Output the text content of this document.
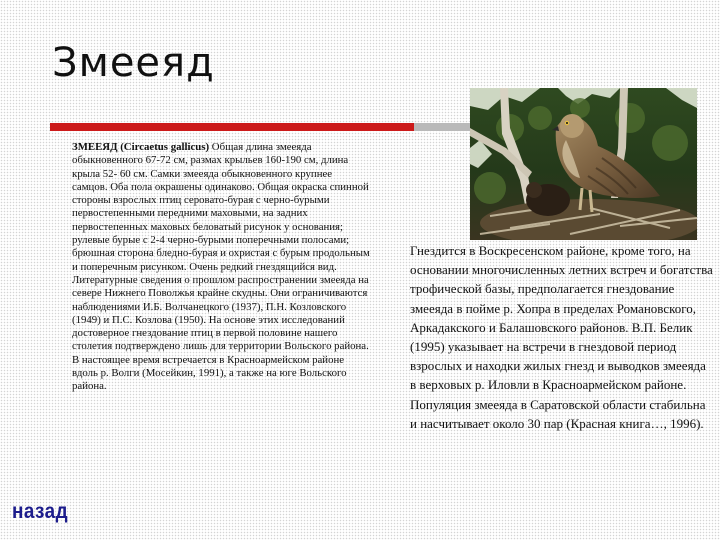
Змееяд
ЗМЕЕЯД (Circaetus gallicus) Общая длина змееяда обыкновенного 67-72 см, размах крыльев 160-190 см, длина крыла 52- 60 см. Самки змееяда обыкновенного крупнее самцов. Оба пола окрашены одинаково. Общая окраска спинной стороны взрослых птиц серовато-бурая с черно-бурыми первостепенными передними маховыми, на задних первостепенных маховых беловатый рисунок у основания; рулевые бурые с 2-4 черно-бурыми поперечными полосами; брюшная сторона бледно-бурая и охристая с бурым продольным и поперечным рисунком. Очень редкий гнездящийся вид. Литературные сведения о прошлом распространении змееяда на севере Нижнего Поволжья крайне скудны. Они ограничиваются наблюдениями И.Б. Волчанецкого (1937), П.Н. Козловского (1949) и П.С. Козлова (1950). На основе этих исследований достоверное гнездование птиц в первой половине нашего столетия подтверждено лишь для территории Вольского района. В настоящее время встречается в Красноармейском районе вдоль р. Волги (Мосейкин, 1991), а также на юге Вольского района.
Гнездится в Воскресенском районе, кроме того, на основании многочисленных летних встреч и богатства трофической базы, предполагается гнездование змееяда в пойме р. Хопра в пределах Романовского, Аркадакского и Балашовского районов. В.П. Белик (1995) указывает на встречи в гнездовой период взрослых и находки жилых гнезд и выводков змееяда в верховых р. Иловли в Красноармейском районе. Популяция змееяда в Саратовской области стабильна и насчитывает около 30 пар (Красная книга…, 1996).
назад
